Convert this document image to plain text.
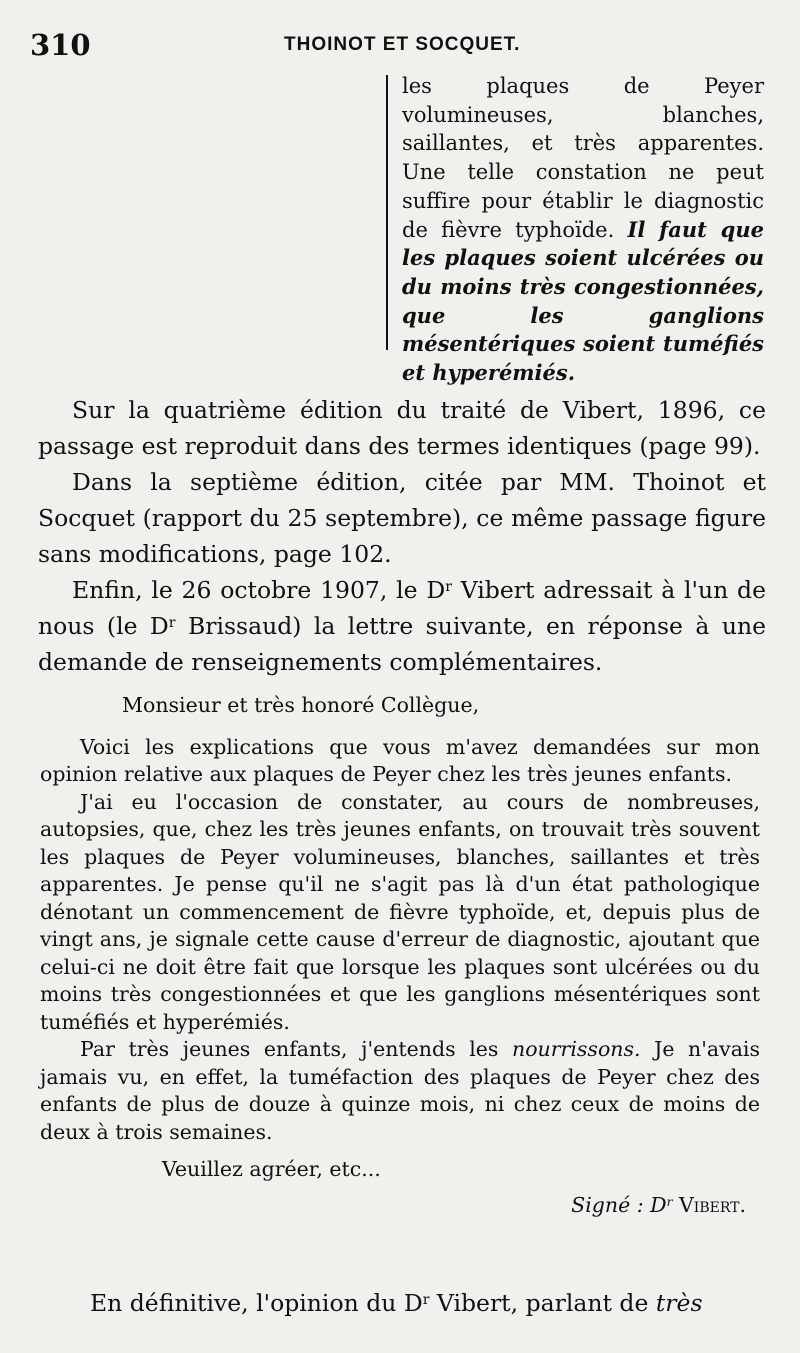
310	THOINOT ET SOCQUET.
les plaques de Peyer volumineuses, blanches, saillantes, et très apparentes. Une telle constation ne peut suffire pour établir le diagnostic de fièvre typhoïde. Il faut que les plaques soient ulcérées ou du moins très congestionnées, que les ganglions mésentériques soient tuméfiés et hyperémiés.

Sur la quatrième édition du traité de Vibert, 1896, ce passage est reproduit dans des termes identiques (page 99).

Dans la septième édition, citée par MM. Thoinot et Socquet (rapport du 25 septembre), ce même passage figure sans modifications, page 102.

Enfin, le 26 octobre 1907, le $D^r$ Vibert adressait à l'un de nous (le $D^r$ Brissaud) la lettre suivante, en réponse à une demande de renseignements complémentaires.

Monsieur et très honoré Collègue,

Voici les explications que vous m'avez demandées sur mon opinion relative aux plaques de Peyer chez les très jeunes enfants.

J'ai eu l'occasion de constater, au cours de nombreuses, autopsies, que, chez les très jeunes enfants, on trouvait très souvent les plaques de Peyer volumineuses, blanches, saillantes et très apparentes. Je pense qu'il ne s'agit pas là d'un état pathologique dénotant un commencement de fièvre typhoïde, et, depuis plus de vingt ans, je signale cette cause d'erreur de diagnostic, ajoutant que celui-ci ne doit être fait que lorsque les plaques sont ulcérées ou du moins très congestionnées et que les ganglions mésentériques sont tuméfiés et hyperémiés.

Par très jeunes enfants, j'entends les nourrissons. Je n'avais jamais vu, en effet, la tuméfaction des plaques de Peyer chez des enfants de plus de douze à quinze mois, ni chez ceux de moins de deux à trois semaines.

Veuillez agréer, etc...

Signé : $D^r$ Vibert.

En définitive, l'opinion du $D^r$ Vibert, parlant de très
